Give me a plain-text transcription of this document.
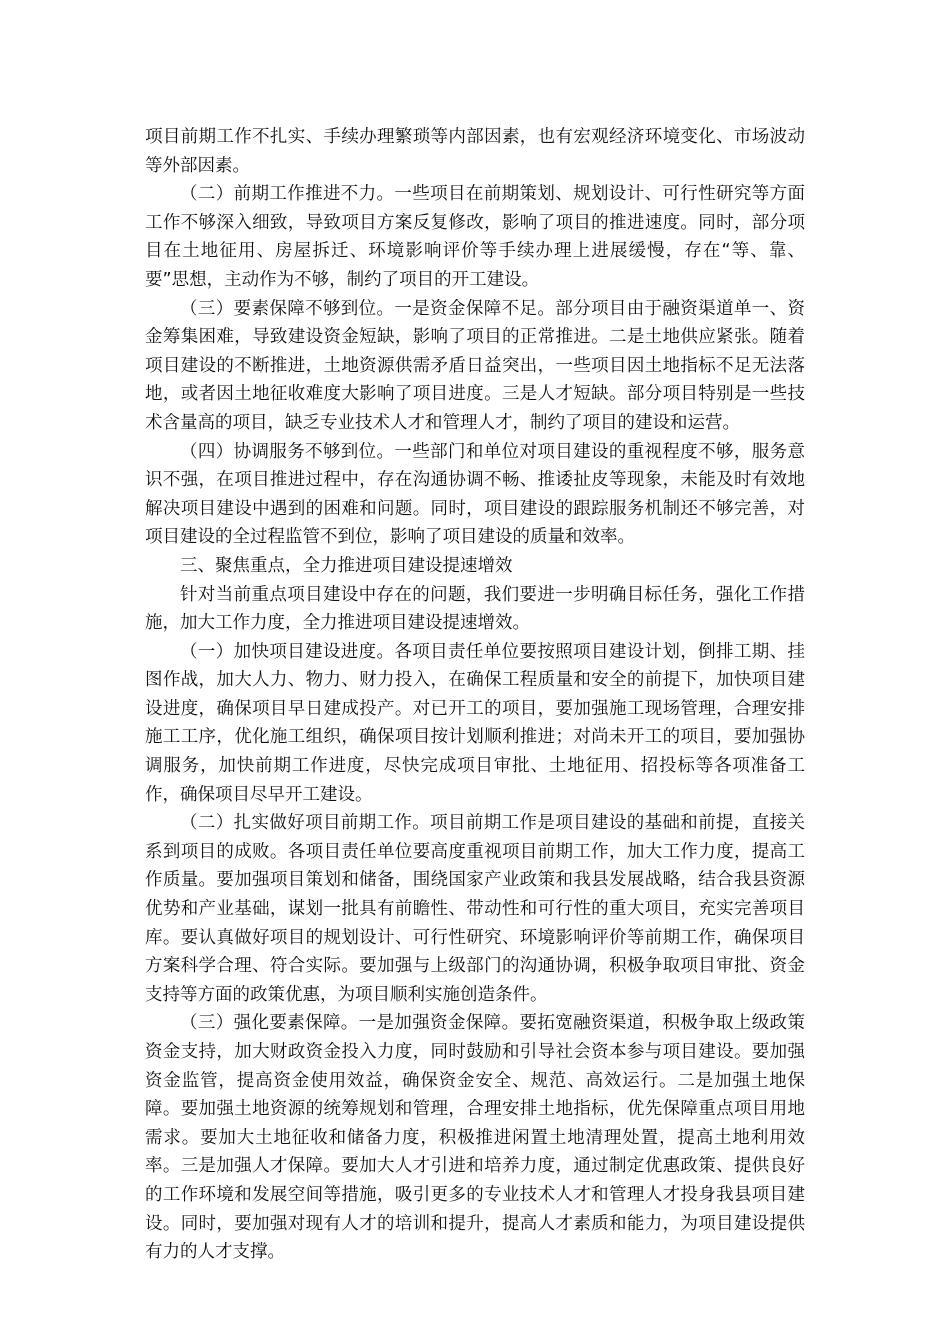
项目前期工作不扎实、手续办理繁琐等内部因素，也有宏观经济环境变化、市场波动等外部因素。

（二）前期工作推进不力。一些项目在前期策划、规划设计、可行性研究等方面工作不够深入细致，导致项目方案反复修改，影响了项目的推进速度。同时，部分项目在土地征用、房屋拆迁、环境影响评价等手续办理上进展缓慢，存在“等、靠、要”思想，主动作为不够，制约了项目的开工建设。

（三）要素保障不够到位。一是资金保障不足。部分项目由于融资渠道单一、资金筹集困难，导致建设资金短缺，影响了项目的正常推进。二是土地供应紧张。随着项目建设的不断推进，土地资源供需矛盾日益突出，一些项目因土地指标不足无法落地，或者因土地征收难度大影响了项目进度。三是人才短缺。部分项目特别是一些技术含量高的项目，缺乏专业技术人才和管理人才，制约了项目的建设和运营。

（四）协调服务不够到位。一些部门和单位对项目建设的重视程度不够，服务意识不强，在项目推进过程中，存在沟通协调不畅、推诿扯皮等现象，未能及时有效地解决项目建设中遇到的困难和问题。同时，项目建设的跟踪服务机制还不够完善，对项目建设的全过程监管不到位，影响了项目建设的质量和效率。

三、聚焦重点，全力推进项目建设提速增效

针对当前重点项目建设中存在的问题，我们要进一步明确目标任务，强化工作措施，加大工作力度，全力推进项目建设提速增效。

（一）加快项目建设进度。各项目责任单位要按照项目建设计划，倒排工期、挂图作战，加大人力、物力、财力投入，在确保工程质量和安全的前提下，加快项目建设进度，确保项目早日建成投产。对已开工的项目，要加强施工现场管理，合理安排施工工序，优化施工组织，确保项目按计划顺利推进；对尚未开工的项目，要加强协调服务，加快前期工作进度，尽快完成项目审批、土地征用、招投标等各项准备工作，确保项目尽早开工建设。

（二）扎实做好项目前期工作。项目前期工作是项目建设的基础和前提，直接关系到项目的成败。各项目责任单位要高度重视项目前期工作，加大工作力度，提高工作质量。要加强项目策划和储备，围绕国家产业政策和我县发展战略，结合我县资源优势和产业基础，谋划一批具有前瞻性、带动性和可行性的重大项目，充实完善项目库。要认真做好项目的规划设计、可行性研究、环境影响评价等前期工作，确保项目方案科学合理、符合实际。要加强与上级部门的沟通协调，积极争取项目审批、资金支持等方面的政策优惠，为项目顺利实施创造条件。

（三）强化要素保障。一是加强资金保障。要拓宽融资渠道，积极争取上级政策资金支持，加大财政资金投入力度，同时鼓励和引导社会资本参与项目建设。要加强资金监管，提高资金使用效益，确保资金安全、规范、高效运行。二是加强土地保障。要加强土地资源的统筹规划和管理，合理安排土地指标，优先保障重点项目用地需求。要加大土地征收和储备力度，积极推进闲置土地清理处置，提高土地利用效率。三是加强人才保障。要加大人才引进和培养力度，通过制定优惠政策、提供良好的工作环境和发展空间等措施，吸引更多的专业技术人才和管理人才投身我县项目建设。同时，要加强对现有人才的培训和提升，提高人才素质和能力，为项目建设提供有力的人才支撑。
